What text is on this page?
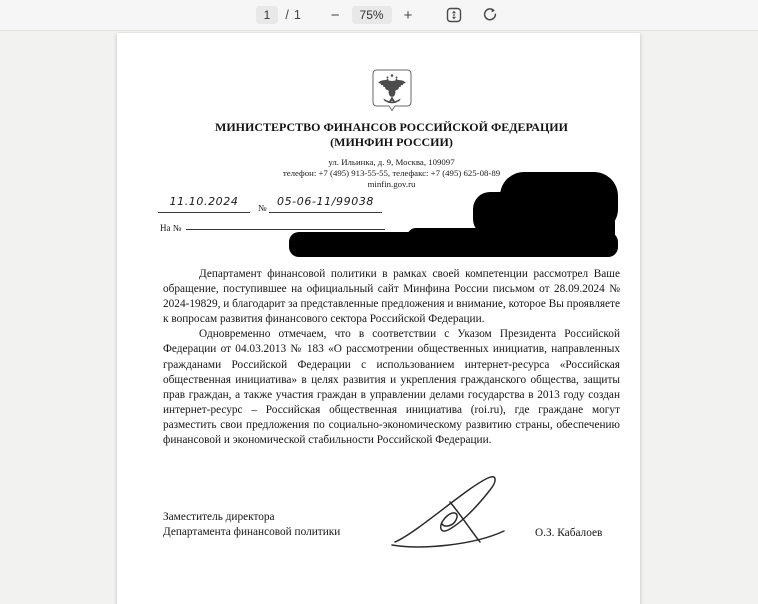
1	/ 1 −	75%	+
МИНИСТЕРСТВО ФИНАНСОВ РОССИЙСКОЙ ФЕДЕРАЦИИ
(МИНФИН РОССИИ)
ул. Ильинка, д. 9, Москва, 109097
телефон: +7 (495) 913-55-55, телефакс: +7 (495) 625-08-89
minfin.gov.ru
11.10.2024	№ 05-06-11/99038
На №

Департамент финансовой политики в рамках своей компетенции рассмотрел Ваше обращение, поступившее на официальный сайт Минфина России письмом от 28.09.2024 № 2024-19829, и благодарит за представленные предложения и внимание, которое Вы проявляете к вопросам развития финансового сектора Российской Федерации.

Одновременно отмечаем, что в соответствии с Указом Президента Российской Федерации от 04.03.2013 № 183 «О рассмотрении общественных инициатив, направленных гражданами Российской Федерации с использованием интернет-ресурса «Российская общественная инициатива» в целях развития и укрепления гражданского общества, защиты прав граждан, а также участия граждан в управлении делами государства в 2013 году создан интернет-ресурс – Российская общественная инициатива (roi.ru), где граждане могут разместить свои предложения по социально-экономическому развитию страны, обеспечению финансовой и экономической стабильности Российской Федерации.

Заместитель директора
Департамента финансовой политики	О.З. Кабалоев
